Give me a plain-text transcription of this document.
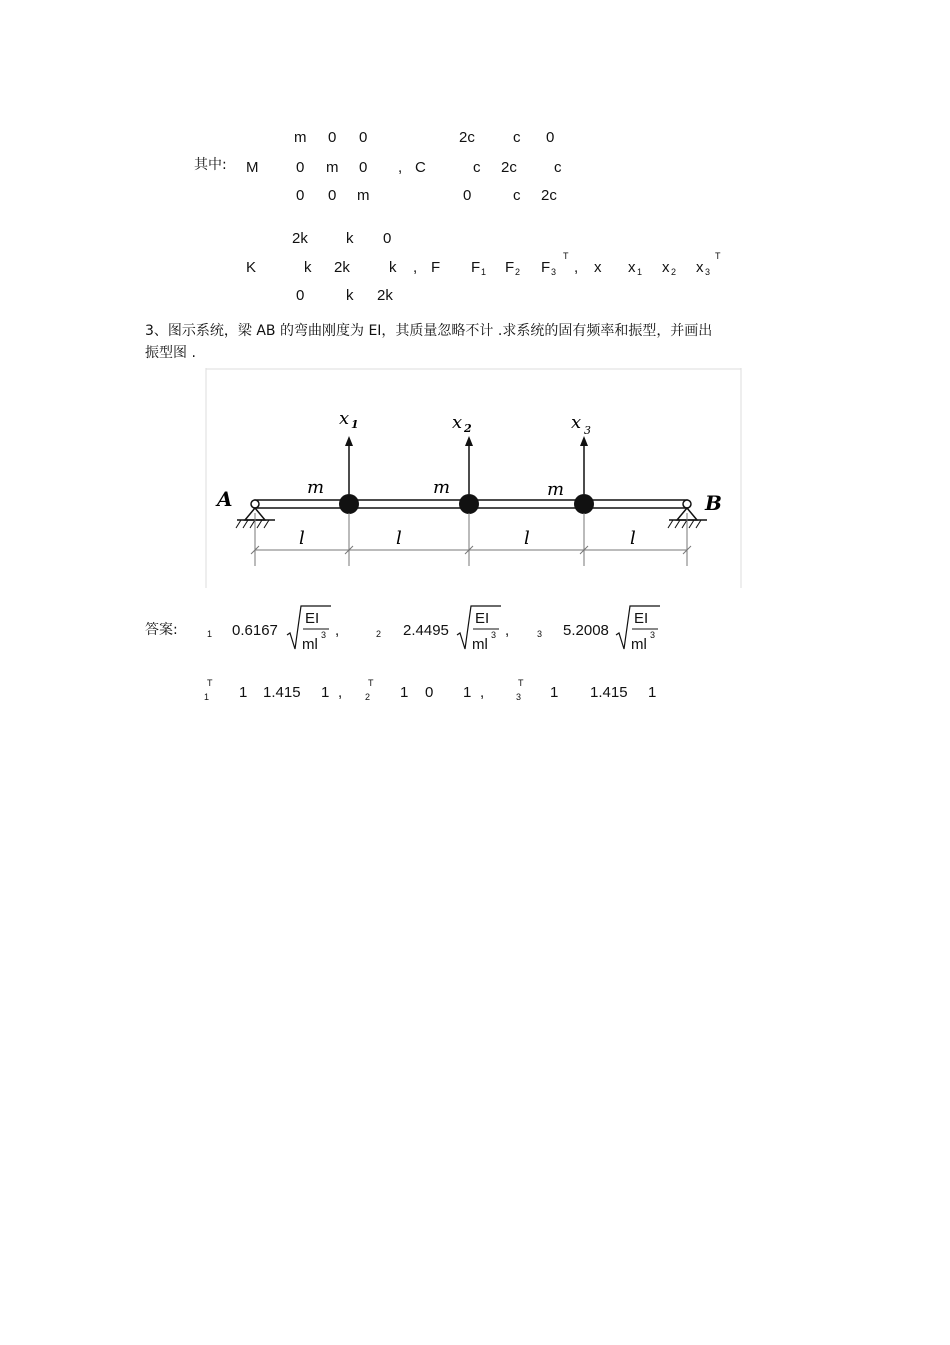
其中: M
m 0 0
0 m 0
0 0 m
, C
2c	c 0
c 2c c
0	c 2c
K
2k	k 0
k 2k	k
0	k 2k
, F F 1 F 2 F 3
T
, x x 1 x 2 x 3
T
3、图示系统，梁 AB 的弯曲刚度为 EI，其质量忽略不计 .求系统的固有频率和振型，并画出
振型图 .
A	B
m	m	m
x 1	x 2	x 3
l	l	l	l
答案:	1 0.6167
EI
ml
3 ,	2 2.4495
EI
ml
3 ,	3 5.2008
EI
ml
3
T
1 1 1.415 1 ,
T
2 1 0 1 ,
T
3 1 1.415 1
